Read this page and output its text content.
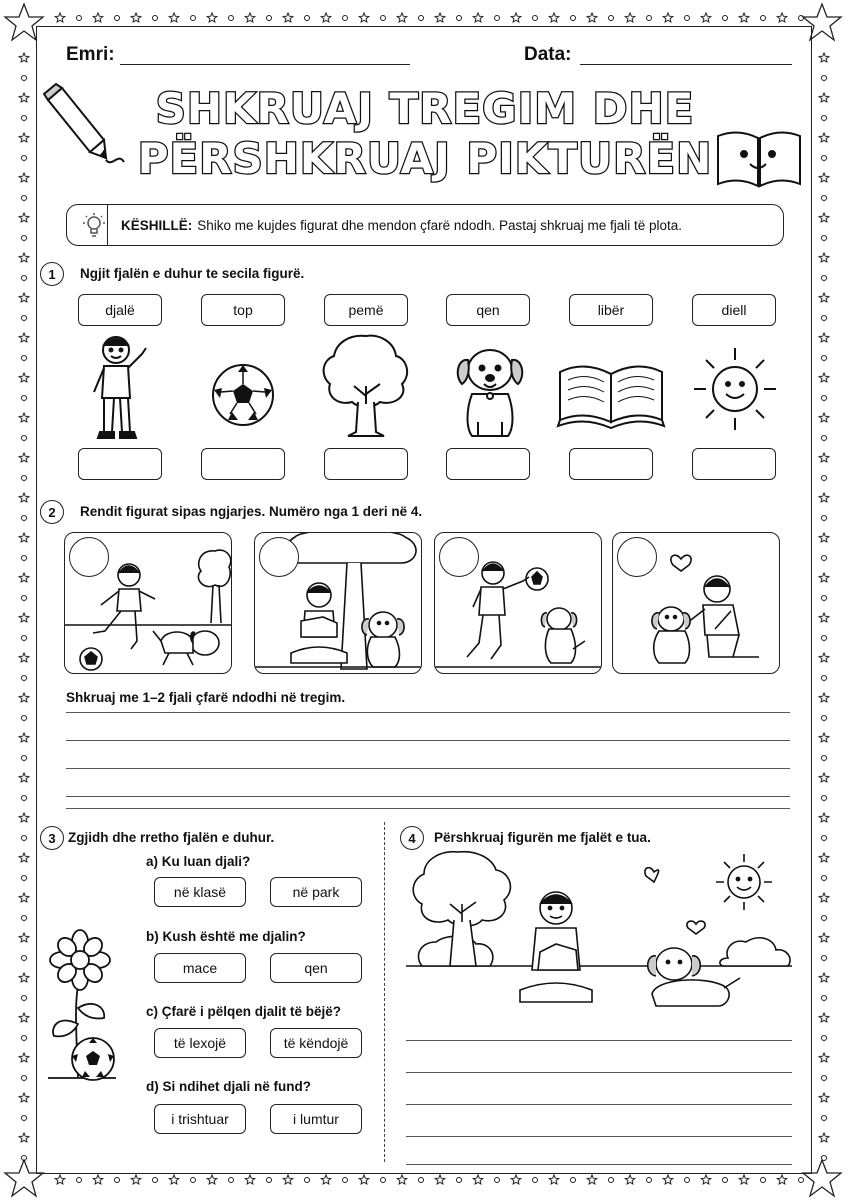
Emri:	Data:
SHKRUAJ TREGIM DHE
PËRSHKRUAJ PIKTURËN
KËSHILLË: Shiko me kujdes figurat dhe mendon çfarë ndodh. Pastaj shkruaj me fjali të plota.
1	Ngjit fjalën e duhur te secila figurë.
djalë	top	pemë	qen	libër	diell
2	Rendit figurat sipas ngjarjes. Numëro nga 1 deri në 4.
Shkruaj me 1–2 fjali çfarë ndodhi në tregim.
3 Zgjidh dhe rretho fjalën e duhur.
a) Ku luan djali?
në klasë	në park
b) Kush është me djalin?
mace	qen
c) Çfarë i pëlqen djalit të bëjë?
të lexojë	të këndojë
d) Si ndihet djali në fund?
i trishtuar	i lumtur
4	Përshkruaj figurën me fjalët e tua.
